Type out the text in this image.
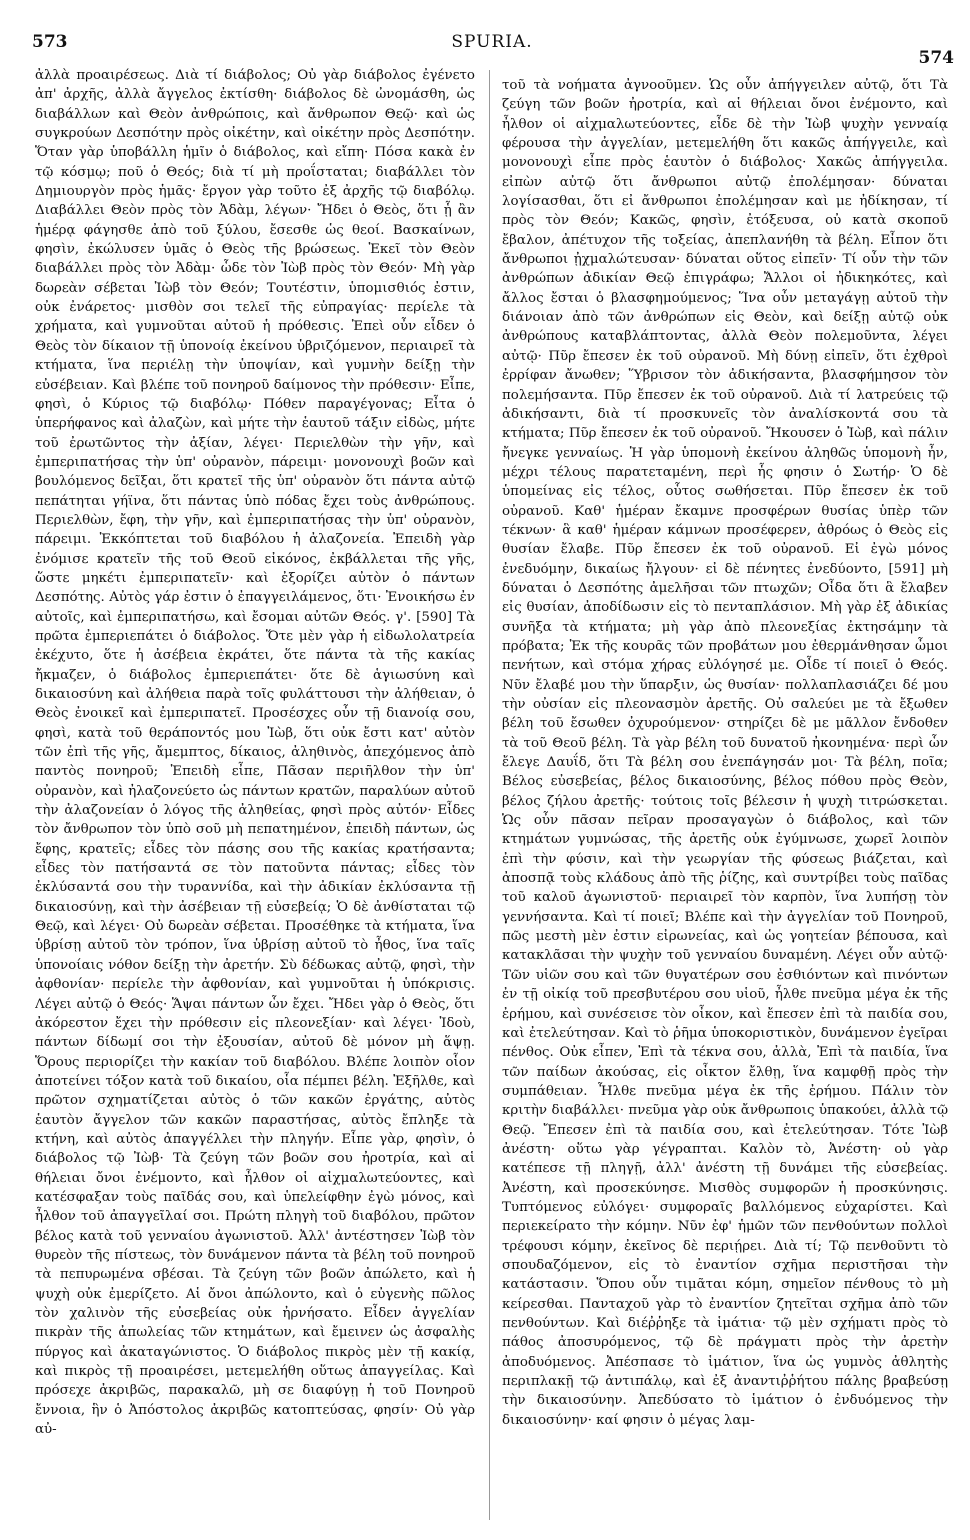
573	SPURIA.
574

ἀλλὰ προαιρέσεως. Διὰ τί διάβολος; Οὐ γὰρ διάβολος ἐγένετο ἀπ' ἀρχῆς, ἀλλὰ ἄγγελος ἐκτίσθη· διάβολος δὲ ὠνομάσθη, ὡς διαβάλλων καὶ Θεὸν ἀνθρώποις, καὶ ἄνθρωπον Θεῷ· καὶ ὡς συγκρούων Δεσπότην πρὸς οἰκέτην, καὶ οἰκέτην πρὸς Δεσπότην. Ὅταν γὰρ ὑποβάλλη ἡμῖν ὁ διάβολος, καὶ εἴπη· Πόσα κακὰ ἐν τῷ κόσμῳ; ποῦ ὁ Θεός; διὰ τί μὴ προΐσταται; διαβάλλει τὸν Δημιουργὸν πρὸς ἡμᾶς· ἔργον γὰρ τοῦτο ἐξ ἀρχῆς τῷ διαβόλῳ. Διαβάλλει Θεὸν πρὸς τὸν Ἀδὰμ, λέγων· Ἤδει ὁ Θεὸς, ὅτι ᾗ ἂν ἡμέρᾳ φάγησθε ἀπὸ τοῦ ξύλου, ἔσεσθε ὡς θεοί. Βασκαίνων, φησὶν, ἐκώλυσεν ὑμᾶς ὁ Θεὸς τῆς βρώσεως. Ἐκεῖ τὸν Θεὸν διαβάλλει πρὸς τὸν Ἀδὰμ· ὧδε τὸν Ἰὼβ πρὸς τὸν Θεόν· Μὴ γὰρ δωρεὰν σέβεται Ἰὼβ τὸν Θεόν; Τουτέστιν, ὑπομισθιός ἐστιν, οὐκ ἐνάρετος· μισθὸν σοι τελεῖ τῆς εὐπραγίας· περίελε τὰ χρήματα, καὶ γυμνοῦται αὐτοῦ ἡ πρόθεσις. Ἐπεὶ οὖν εἶδεν ὁ Θεὸς τὸν δίκαιον τῇ ὑπονοίᾳ ἐκείνου ὑβριζόμενον, περιαιρεῖ τὰ κτήματα, ἵνα περιέλῃ τὴν ὑποψίαν, καὶ γυμνὴν δείξῃ τὴν εὐσέβειαν. Καὶ βλέπε τοῦ πονηροῦ δαίμονος τὴν πρόθεσιν· Εἶπε, φησὶ, ὁ Κύριος τῷ διαβόλῳ· Πόθεν παραγέγονας; Εἶτα ὁ ὑπερήφανος καὶ ἀλαζὼν, καὶ μήτε τὴν ἑαυτοῦ τάξιν εἰδὼς, μήτε τοῦ ἐρωτῶντος τὴν ἀξίαν, λέγει· Περιελθὼν τὴν γῆν, καὶ ἐμπεριπατήσας τὴν ὑπ' οὐρανὸν, πάρειμι· μονονουχὶ βοῶν καὶ βουλόμενος δεῖξαι, ὅτι κρατεῖ τῆς ὑπ' οὐρανὸν ὅτι πάντα αὐτῷ πεπάτηται γήϊνα, ὅτι πάντας ὑπὸ πόδας ἔχει τοὺς ἀνθρώπους. Περιελθὼν, ἔφη, τὴν γῆν, καὶ ἐμπεριπατήσας τὴν ὑπ' οὐρανὸν, πάρειμι. Ἐκκόπτεται τοῦ διαβόλου ἡ ἀλαζονεία. Ἐπειδὴ γὰρ ἐνόμισε κρατεῖν τῆς τοῦ Θεοῦ εἰκόνος, ἐκβάλλεται τῆς γῆς, ὥστε μηκέτι ἐμπεριπατεῖν· καὶ ἐξορίζει αὐτὸν ὁ πάντων Δεσπότης. Αὐτὸς γάρ ἐστιν ὁ ἐπαγγειλάμενος, ὅτι· Ἐνοικήσω ἐν αὐτοῖς, καὶ ἐμπεριπατήσω, καὶ ἔσομαι αὐτῶν Θεός. γ'. [590] Τὰ πρῶτα ἐμπεριεπάτει ὁ διάβολος. Ὅτε μὲν γὰρ ἡ εἰδωλολατρεία ἐκέχυτο, ὅτε ἡ ἀσέβεια ἐκράτει, ὅτε πάντα τὰ τῆς κακίας ἤκμαζεν, ὁ διάβολος ἐμπεριεπάτει· ὅτε δὲ ἁγιωσύνη καὶ δικαιοσύνη καὶ ἀλήθεια παρὰ τοῖς φυλάττουσι τὴν ἀλήθειαν, ὁ Θεὸς ἐνοικεῖ καὶ ἐμπεριπατεῖ. Προσέσχες οὖν τῇ διανοίᾳ σου, φησὶ, κατὰ τοῦ θεράποντός μου Ἰὼβ, ὅτι οὐκ ἔστι κατ' αὐτὸν τῶν ἐπὶ τῆς γῆς, ἄμεμπτος, δίκαιος, ἀληθινὸς, ἀπεχόμενος ἀπὸ παντὸς πονηροῦ; Ἐπειδὴ εἶπε, Πᾶσαν περιῆλθον τὴν ὑπ' οὐρανὸν, καὶ ἠλαζονεύετο ὡς πάντων κρατῶν, παραλύων αὐτοῦ τὴν ἀλαζονείαν ὁ λόγος τῆς ἀληθείας, φησὶ πρὸς αὐτόν· Εἶδες τὸν ἄνθρωπον τὸν ὑπὸ σοῦ μὴ πεπατημένον, ἐπειδὴ πάντων, ὡς ἔφης, κρατεῖς; εἶδες τὸν πάσης σου τῆς κακίας κρατήσαντα; εἶδες τὸν πατήσαντά σε τὸν πατοῦντα πάντας; εἶδες τὸν ἐκλύσαντά σου τὴν τυραννίδα, καὶ τὴν ἀδικίαν ἐκλύσαντα τῇ δικαιοσύνῃ, καὶ τὴν ἀσέβειαν τῇ εὐσεβείᾳ; Ὁ δὲ ἀνθίσταται τῷ Θεῷ, καὶ λέγει· Οὐ δωρεὰν σέβεται. Προσέθηκε τὰ κτήματα, ἵνα ὑβρίσῃ αὐτοῦ τὸν τρόπον, ἵνα ὑβρίσῃ αὐτοῦ τὸ ἦθος, ἵνα ταῖς ὑπονοίαις νόθον δείξῃ τὴν ἀρετήν. Σὺ δέδωκας αὐτῷ, φησὶ, τὴν ἀφθονίαν· περίελε τὴν ἀφθονίαν, καὶ γυμνοῦται ἡ ὑπόκρισις. Λέγει αὐτῷ ὁ Θεός· Ἅψαι πάντων ὧν ἔχει. Ἤδει γὰρ ὁ Θεὸς, ὅτι ἀκόρεστον ἔχει τὴν πρόθεσιν εἰς πλεονεξίαν· καὶ λέγει· Ἰδοὺ, πάντων δίδωμί σοι τὴν ἐξουσίαν, αὐτοῦ δὲ μόνον μὴ ἅψῃ. Ὅρους περιορίζει τὴν κακίαν τοῦ διαβόλου. Βλέπε λοιπὸν οἷον ἀποτείνει τόξον κατὰ τοῦ δικαίου, οἷα πέμπει βέλη. Ἐξῆλθε, καὶ πρῶτον σχηματίζεται αὐτὸς ὁ τῶν κακῶν ἐργάτης, αὐτὸς ἑαυτὸν ἄγγελον τῶν κακῶν παραστήσας, αὐτὸς ἔπληξε τὰ κτήνη, καὶ αὐτὸς ἀπαγγέλλει τὴν πληγήν. Εἶπε γὰρ, φησὶν, ὁ διάβολος τῷ Ἰὼβ· Τὰ ζεύγη τῶν βοῶν σου ἠροτρία, καὶ αἱ θήλειαι ὄνοι ἐνέμοντο, καὶ ἦλθον οἱ αἰχμαλωτεύοντες, καὶ κατέσφαξαν τοὺς παῖδάς σου, καὶ ὑπελείφθην ἐγὼ μόνος, καὶ ἦλθον τοῦ ἀπαγγεῖλαί σοι. Πρώτη πληγὴ τοῦ διαβόλου, πρῶτον βέλος κατὰ τοῦ γενναίου ἀγωνιστοῦ. Ἀλλ' ἀντέστησεν Ἰὼβ τὸν θυρεὸν τῆς πίστεως, τὸν δυνάμενον πάντα τὰ βέλη τοῦ πονηροῦ τὰ πεπυρωμένα σβέσαι. Τὰ ζεύγη τῶν βοῶν ἀπώλετο, καὶ ἡ ψυχὴ οὐκ ἐμερίζετο. Αἱ ὄνοι ἀπώλοντο, καὶ ὁ εὐγενὴς πῶλος τὸν χαλινὸν τῆς εὐσεβείας οὐκ ἠρνήσατο. Εἶδεν ἀγγελίαν πικρὰν τῆς ἀπωλείας τῶν κτημάτων, καὶ ἔμεινεν ὡς ἀσφαλὴς πύργος καὶ ἀκαταγώνιστος. Ὁ διάβολος πικρὸς μὲν τῇ κακίᾳ, καὶ πικρὸς τῇ προαιρέσει, μετεμελήθη οὕτως ἀπαγγείλας. Καὶ πρόσεχε ἀκριβῶς, παρακαλῶ, μὴ σε διαφύγῃ ἡ τοῦ Πονηροῦ ἔννοια, ἣν ὁ Ἀπόστολος ἀκριβῶς κατοπτεύσας, φησίν· Οὐ γὰρ αὐ-

τοῦ τὰ νοήματα ἀγνοοῦμεν. Ὡς οὖν ἀπήγγειλεν αὐτῷ, ὅτι Τὰ ζεύγη τῶν βοῶν ἠροτρία, καὶ αἱ θήλειαι ὄνοι ἐνέμοντο, καὶ ἦλθον οἱ αἰχμαλωτεύοντες, εἶδε δὲ τὴν Ἰὼβ ψυχὴν γενναίᾳ φέρουσα τὴν ἀγγελίαν, μετεμελήθη ὅτι κακῶς ἀπήγγειλε, καὶ μονονουχὶ εἶπε πρὸς ἑαυτὸν ὁ διάβολος· Χακῶς ἀπήγγειλα. εἰπὼν αὐτῷ ὅτι ἄνθρωποι αὐτῷ ἐπολέμησαν· δύναται λογίσασθαι, ὅτι εἰ ἄνθρωποι ἐπολέμησαν καὶ με ἠδίκησαν, τί πρὸς τὸν Θεόν; Κακῶς, φησὶν, ἐτόξευσα, οὐ κατὰ σκοποῦ ἔβαλον, ἀπέτυχον τῆς τοξείας, ἀπεπλανήθη τὰ βέλη. Εἶπον ὅτι ἄνθρωποι ᾐχμαλώτευσαν· δύναται οὕτος εἰπεῖν· Τί οὖν τὴν τῶν ἀνθρώπων ἀδικίαν Θεῷ ἐπιγράφω; Ἄλλοι οἱ ἠδικηκότες, καὶ ἄλλος ἔσται ὁ βλασφημούμενος; Ἵνα οὖν μεταγάγῃ αὐτοῦ τὴν διάνοιαν ἀπὸ τῶν ἀνθρώπων εἰς Θεὸν, καὶ δείξῃ αὐτῷ οὐκ ἀνθρώπους καταβλάπτοντας, ἀλλὰ Θεὸν πολεμοῦντα, λέγει αὐτῷ· Πῦρ ἔπεσεν ἐκ τοῦ οὐρανοῦ. Μὴ δύνῃ εἰπεῖν, ὅτι ἐχθροὶ ἐρρίφαν ἄνωθεν; Ὕβρισον τὸν ἀδικήσαντα, βλασφήμησον τὸν πολεμήσαντα. Πῦρ ἔπεσεν ἐκ τοῦ οὐρανοῦ. Διὰ τί λατρεύεις τῷ ἀδικήσαντι, διὰ τί προσκυνεῖς τὸν ἀναλίσκοντά σου τὰ κτήματα; Πῦρ ἔπεσεν ἐκ τοῦ οὐρανοῦ. Ἤκουσεν ὁ Ἰὼβ, καὶ πάλιν ἤνεγκε γενναίως. Ἡ γὰρ ὑπομονὴ ἐκείνου ἀληθῶς ὑπομονὴ ἦν, μέχρι τέλους παρατεταμένη, περὶ ἧς φησιν ὁ Σωτήρ· Ὁ δὲ ὑπομείνας εἰς τέλος, οὗτος σωθήσεται. Πῦρ ἔπεσεν ἐκ τοῦ οὐρανοῦ. Καθ' ἡμέραν ἔκαμνε προσφέρων θυσίας ὑπὲρ τῶν τέκνων· ἃ καθ' ἡμέραν κάμνων προσέφερεν, ἀθρόως ὁ Θεὸς εἰς θυσίαν ἔλαβε. Πῦρ ἔπεσεν ἐκ τοῦ οὐρανοῦ. Εἰ ἐγὼ μόνος ἐνεδυόμην, δικαίως ἤλγουν· εἰ δὲ πένητες ἐνεδύοντο, [591] μὴ δύναται ὁ Δεσπότης ἀμελῆσαι τῶν πτωχῶν; Οἶδα ὅτι ἃ ἔλαβεν εἰς θυσίαν, ἀποδίδωσιν εἰς τὸ πενταπλάσιον. Μὴ γὰρ ἐξ ἀδικίας συνῆξα τὰ κτήματα; μὴ γὰρ ἀπὸ πλεονεξίας ἐκτησάμην τὰ πρόβατα; Ἐκ τῆς κουρᾶς τῶν προβάτων μου ἐθερμάνθησαν ὦμοι πενήτων, καὶ στόμα χήρας εὐλόγησέ με. Οἶδε τί ποιεῖ ὁ Θεός. Νῦν ἔλαβέ μου τὴν ὕπαρξιν, ὡς θυσίαν· πολλαπλασιάζει δέ μου τὴν οὐσίαν εἰς πλεονασμὸν ἀρετῆς. Οὐ σαλεύει με τὰ ἔξωθεν βέλη τοῦ ἔσωθεν ὀχυρούμενον· στηρίζει δὲ με μᾶλλον ἔνδοθεν τὰ τοῦ Θεοῦ βέλη. Τὰ γὰρ βέλη τοῦ δυνατοῦ ἠκονημένα· περὶ ὧν ἔλεγε Δαυΐδ, ὅτι Τὰ βέλη σου ἐνεπάγησάν μοι· Τὰ βέλη, ποῖα; Βέλος εὐσεβείας, βέλος δικαιοσύνης, βέλος πόθου πρὸς Θεὸν, βέλος ζήλου ἀρετῆς· τούτοις τοῖς βέλεσιν ἡ ψυχὴ τιτρώσκεται. Ὡς οὖν πᾶσαν πεῖραν προσαγαγὼν ὁ διάβολος, καὶ τῶν κτημάτων γυμνώσας, τῆς ἀρετῆς οὐκ ἐγύμνωσε, χωρεῖ λοιπὸν ἐπὶ τὴν φύσιν, καὶ τὴν γεωργίαν τῆς φύσεως βιάζεται, καὶ ἀποσπᾷ τοὺς κλάδους ἀπὸ τῆς ῥίζης, καὶ συντρίβει τοὺς παῖδας τοῦ καλοῦ ἀγωνιστοῦ· περιαιρεῖ τὸν καρπὸν, ἵνα λυπήσῃ τὸν γεννήσαντα. Καὶ τί ποιεῖ; Βλέπε καὶ τὴν ἀγγελίαν τοῦ Πονηροῦ, πῶς μεστὴ μὲν ἐστιν εἰρωνείας, καὶ ὡς γοητείαν βέπουσα, καὶ κατακλᾶσαι τὴν ψυχὴν τοῦ γενναίου δυναμένη. Λέγει οὖν αὐτῷ· Τῶν υἱῶν σου καὶ τῶν θυγατέρων σου ἐσθιόντων καὶ πινόντων ἐν τῇ οἰκίᾳ τοῦ πρεσβυτέρου σου υἱοῦ, ἦλθε πνεῦμα μέγα ἐκ τῆς ἐρήμου, καὶ συνέσεισε τὸν οἶκον, καὶ ἔπεσεν ἐπὶ τὰ παιδία σου, καὶ ἐτελεύτησαν. Καὶ τὸ ῥῆμα ὑποκοριστικὸν, δυνάμενον ἐγεῖραι πένθος. Οὐκ εἶπεν, Ἐπὶ τὰ τέκνα σου, ἀλλὰ, Ἐπὶ τὰ παιδία, ἵνα τῶν παίδων ἀκούσας, εἰς οἶκτον ἔλθῃ, ἵνα καμφθῇ πρὸς τὴν συμπάθειαν. Ἦλθε πνεῦμα μέγα ἐκ τῆς ἐρήμου. Πάλιν τὸν κριτὴν διαβάλλει· πνεῦμα γὰρ οὐκ ἄνθρωποις ὑπακούει, ἀλλὰ τῷ Θεῷ. Ἔπεσεν ἐπὶ τὰ παιδία σου, καὶ ἐτελεύτησαν. Τότε Ἰὼβ ἀνέστη· οὕτω γὰρ γέγραπται. Καλὸν τὸ, Ἀνέστη· οὐ γὰρ κατέπεσε τῇ πληγῇ, ἀλλ' ἀνέστη τῇ δυνάμει τῆς εὐσεβείας. Ἀνέστη, καὶ προσεκύνησε. Μισθὸς συμφορῶν ἡ προσκύνησις. Τυπτόμενος εὐλόγει· συμφοραῖς βαλλόμενος εὐχαρίστει. Καὶ περιεκείρατο τὴν κόμην. Νῦν ἐφ' ἡμῶν τῶν πενθούντων πολλοὶ τρέφουσι κόμην, ἐκεῖνος δὲ περιῄρει. Διὰ τί; Τῷ πενθοῦντι τὸ σπουδαζόμενον, εἰς τὸ ἐναντίον σχῆμα περιστῆσαι τὴν κατάστασιν. Ὅπου οὖν τιμᾶται κόμη, σημεῖον πένθους τὸ μὴ κείρεσθαι. Πανταχοῦ γὰρ τὸ ἐναντίον ζητεῖται σχῆμα ἀπὸ τῶν πενθούντων. Καὶ διέῤῥηξε τὰ ἱμάτια· τῷ μὲν σχήματι πρὸς τὸ πάθος ἀποσυρόμενος, τῷ δὲ πράγματι πρὸς τὴν ἀρετὴν ἀποδυόμενος. Ἀπέσπασε τὸ ἱμάτιον, ἵνα ὡς γυμνὸς ἀθλητὴς περιπλακῇ τῷ ἀντιπάλῳ, καὶ ἐξ ἀναντιῤῥήτου πάλης βραβεύσῃ τὴν δικαιοσύνην. Ἀπεδύσατο τὸ ἱμάτιον ὁ ἐνδυόμενος τὴν δικαιοσύνην· καί φησιν ὁ μέγας λαμ-
